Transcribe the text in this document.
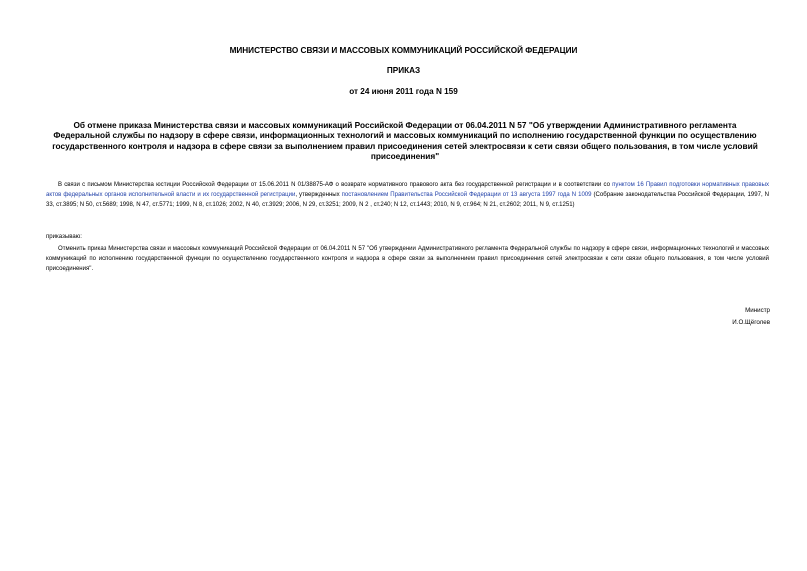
МИНИСТЕРСТВО СВЯЗИ И МАССОВЫХ КОММУНИКАЦИЙ РОССИЙСКОЙ ФЕДЕРАЦИИ

ПРИКАЗ

от 24 июня 2011 года N 159

Об отмене приказа Министерства связи и массовых коммуникаций Российской Федерации от 06.04.2011 N 57 "Об утверждении Административного регламента Федеральной службы по надзору в сфере связи, информационных технологий и массовых коммуникаций по исполнению государственной функции по осуществлению государственного контроля и надзора в сфере связи за выполнением правил присоединения сетей электросвязи к сети связи общего пользования, в том числе условий присоединения"

В связи с письмом Министерства юстиции Российской Федерации от 15.06.2011 N 01/38875-АФ о возврате нормативного правового акта без государственной регистрации и в соответствии со пунктом 16 Правил подготовки нормативных правовых актов федеральных органов исполнительной власти и их государственной регистрации, утвержденных постановлением Правительства Российской Федерации от 13 августа 1997 года N 1009 (Собрание законодательства Российской Федерации, 1997, N 33, ст.3895; N 50, ст.5689; 1998, N 47, ст.5771; 1999, N 8, ст.1026; 2002, N 40, ст.3929; 2006, N 29, ст.3251; 2009, N 2 , ст.240; N 12, ст.1443; 2010, N 9, ст.964; N 21, ст.2602; 2011, N 9, ст.1251)

приказываю:

Отменить приказ Министерства связи и массовых коммуникаций Российской Федерации от 06.04.2011 N 57 "Об утверждении Административного регламента Федеральной службы по надзору в сфере связи, информационных технологий и массовых коммуникаций по исполнению государственной функции по осуществлению государственного контроля и надзора в сфере связи за выполнением правил присоединения сетей электросвязи к сети связи общего пользования, в том числе условий присоединения".

Министр

И.О.Щёголев
